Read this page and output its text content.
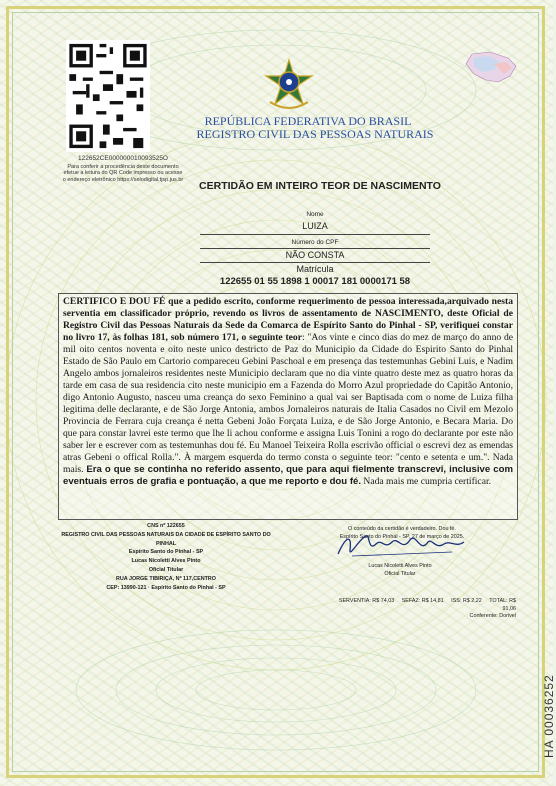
122652CE000000010093525O
Para conferir a procedência deste documento efetue a leitura do QR Code impresso ou acesse o endereço eletrônico https://selodigital.tjsp.jus.br
REPÚBLICA FEDERATIVA DO BRASIL
REGISTRO CIVIL DAS PESSOAS NATURAIS
CERTIDÃO EM INTEIRO TEOR DE NASCIMENTO
Nome
LUIZA
Número do CPF
NÃO CONSTA
Matrícula
122655 01 55 1898 1 00017 181 0000171 58
CERTIFICO E DOU FÉ que a pedido escrito, conforme requerimento de pessoa interessada,arquivado nesta serventia em classificador próprio, revendo os livros de assentamento de NASCIMENTO, deste Oficial de Registro Civil das Pessoas Naturais da Sede da Comarca de Espírito Santo do Pinhal - SP, verifiquei constar no livro 17, às folhas 181, sob número 171, o seguinte teor: "Aos vinte e cinco dias do mez de março do anno de mil oito centos noventa e oito neste unico destricto de Paz do Municipio da Cidade do Espirito Santo do Pinhal Estado de São Paulo em Cartorio compareceu Gebini Paschoal e em presença das testemunhas Gebini Luis, e Nadim Angelo ambos jornaleiros residentes neste Municipio declaram que no dia vinte quatro deste mez as quatro horas da tarde em casa de sua residencia cito neste municipio em a Fazenda do Morro Azul propriedade do Capitão Antonio, digo Antonio Augusto, nasceu uma creança do sexo Feminino a qual vai ser Baptisada com o nome de Luiza filha legitima delle declarante, e de São Jorge Antonia, ambos Jornaleiros naturais de Italia Casados no Civil em Mezolo Provincia de Ferrara cuja creança é netta Gebeni João Forçata Luiza, e de São Jorge Antonio, e Becara Maria. Do que para constar lavrei este termo que lhe li achou conforme e assigna Luis Tonini a rogo do declarante por este não saber ler e escrever com as testemunhas dou fé. Eu Manoel Teixeira Rolla escrivão official o escrevi dez as emendas atras Gebeni o offical Rolla.". À margem esquerda do termo consta o seguinte teor: "cento e setenta e um.". Nada mais. Era o que se continha no referido assento, que para aqui fielmente transcrevi, inclusive com eventuais erros de grafia e pontuação, a que me reporto e dou fé. Nada mais me cumpria certificar.
CNS nº 122655
REGISTRO CIVIL DAS PESSOAS NATURAIS DA CIDADE DE ESPÍRITO SANTO DO PINHAL
Espírito Santo do Pinhal - SP
Lucas Nicoletti Alves Pinto
Oficial Titular
RUA JORGE TIBIRIÇA, Nº 117,CENTRO
CEP: 13990-121 · Espírito Santo do Pinhal - SP
O conteúdo da certidão é verdadeiro. Dou fé.
Espírito Santo do Pinhal - SP, 27 de março de 2025.
Lucas Nicoletti Alves Pinto
Oficial Titular
SERVENTIA: R$ 74,03 SEFAZ: R$ 14,81 ISS: R$ 2,22 TOTAL: R$ 91,06
Conferente: Dorivel
HA 00036252
